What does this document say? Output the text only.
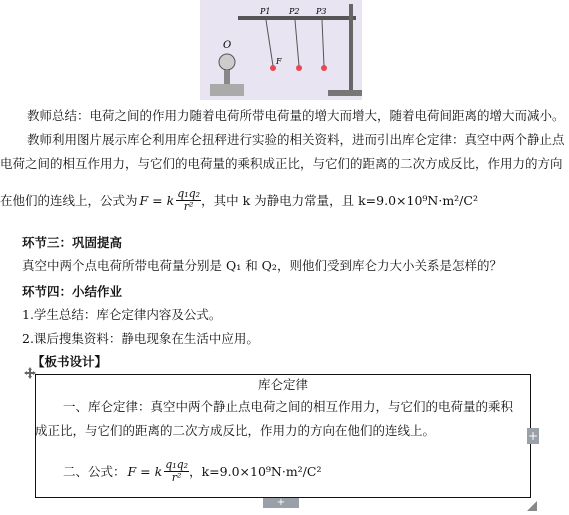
O
P1 P2 P3
F
教师总结：电荷之间的作用力随着电荷所带电荷量的增大而增大，随着电荷间距离的增大而减小。
教师利用图片展示库仑利用库仑扭秤进行实验的相关资料，进而引出库仑定律：真空中两个静止点
电荷之间的相互作用力，与它们的电荷量的乘积成正比，与它们的距离的二次方成反比，作用力的方向
在他们的连线上，公式为 F = k $\frac{\text{q₁q₂}}{\text{r²}}$ ，其中 k 为静电力常量，且 k=9.0×10⁹N·m²/C²
环节三：巩固提高
真空中两个点电荷所带电荷量分别是 Q₁ 和 Q₂，则他们受到库仑力大小关系是怎样的？
环节四：小结作业
1.学生总结：库仑定律内容及公式。
2.课后搜集资料：静电现象在生活中应用。
【板书设计】
库仑定律
一、库仑定律：真空中两个静止点电荷之间的相互作用力，与它们的电荷量的乘积
成正比，与它们的距离的二次方成反比，作用力的方向在他们的连线上。
二、公式： F = k $\frac{\text{q₁q₂}}{\text{r²}}$ ，k=9.0×10⁹N·m²/C²
+
+
